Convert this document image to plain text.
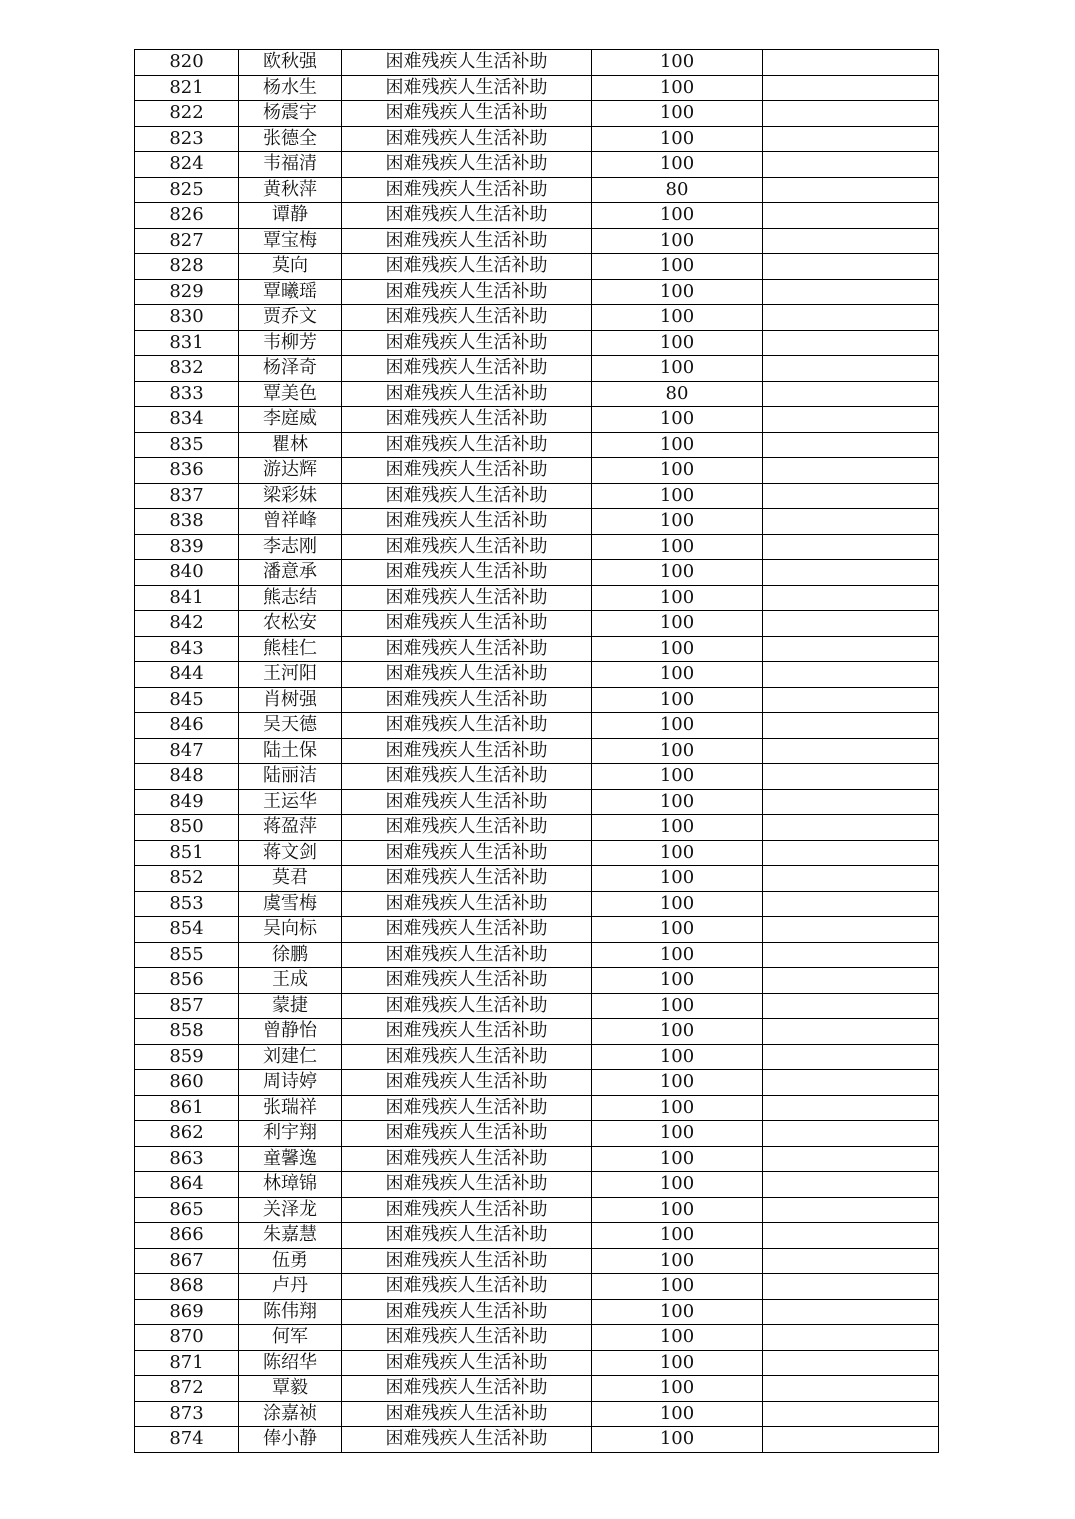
820	欧秋强	困难残疾人生活补助	100	
821	杨水生	困难残疾人生活补助	100	
822	杨震宇	困难残疾人生活补助	100	
823	张德全	困难残疾人生活补助	100	
824	韦福清	困难残疾人生活补助	100	
825	黄秋萍	困难残疾人生活补助	80	
826	谭静	困难残疾人生活补助	100	
827	覃宝梅	困难残疾人生活补助	100	
828	莫向	困难残疾人生活补助	100	
829	覃曦瑶	困难残疾人生活补助	100	
830	贾乔文	困难残疾人生活补助	100	
831	韦柳芳	困难残疾人生活补助	100	
832	杨泽奇	困难残疾人生活补助	100	
833	覃美色	困难残疾人生活补助	80	
834	李庭威	困难残疾人生活补助	100	
835	瞿林	困难残疾人生活补助	100	
836	游达辉	困难残疾人生活补助	100	
837	梁彩妹	困难残疾人生活补助	100	
838	曾祥峰	困难残疾人生活补助	100	
839	李志刚	困难残疾人生活补助	100	
840	潘意承	困难残疾人生活补助	100	
841	熊志结	困难残疾人生活补助	100	
842	农松安	困难残疾人生活补助	100	
843	熊桂仁	困难残疾人生活补助	100	
844	王河阳	困难残疾人生活补助	100	
845	肖树强	困难残疾人生活补助	100	
846	吴天德	困难残疾人生活补助	100	
847	陆土保	困难残疾人生活补助	100	
848	陆丽洁	困难残疾人生活补助	100	
849	王运华	困难残疾人生活补助	100	
850	蒋盈萍	困难残疾人生活补助	100	
851	蒋文剑	困难残疾人生活补助	100	
852	莫君	困难残疾人生活补助	100	
853	虞雪梅	困难残疾人生活补助	100	
854	吴向标	困难残疾人生活补助	100	
855	徐鹏	困难残疾人生活补助	100	
856	王成	困难残疾人生活补助	100	
857	蒙捷	困难残疾人生活补助	100	
858	曾静怡	困难残疾人生活补助	100	
859	刘建仁	困难残疾人生活补助	100	
860	周诗婷	困难残疾人生活补助	100	
861	张瑞祥	困难残疾人生活补助	100	
862	利宇翔	困难残疾人生活补助	100	
863	童馨逸	困难残疾人生活补助	100	
864	林璋锦	困难残疾人生活补助	100	
865	关泽龙	困难残疾人生活补助	100	
866	朱嘉慧	困难残疾人生活补助	100	
867	伍勇	困难残疾人生活补助	100	
868	卢丹	困难残疾人生活补助	100	
869	陈伟翔	困难残疾人生活补助	100	
870	何军	困难残疾人生活补助	100	
871	陈绍华	困难残疾人生活补助	100	
872	覃毅	困难残疾人生活补助	100	
873	涂嘉祯	困难残疾人生活补助	100	
874	俸小静	困难残疾人生活补助	100	
